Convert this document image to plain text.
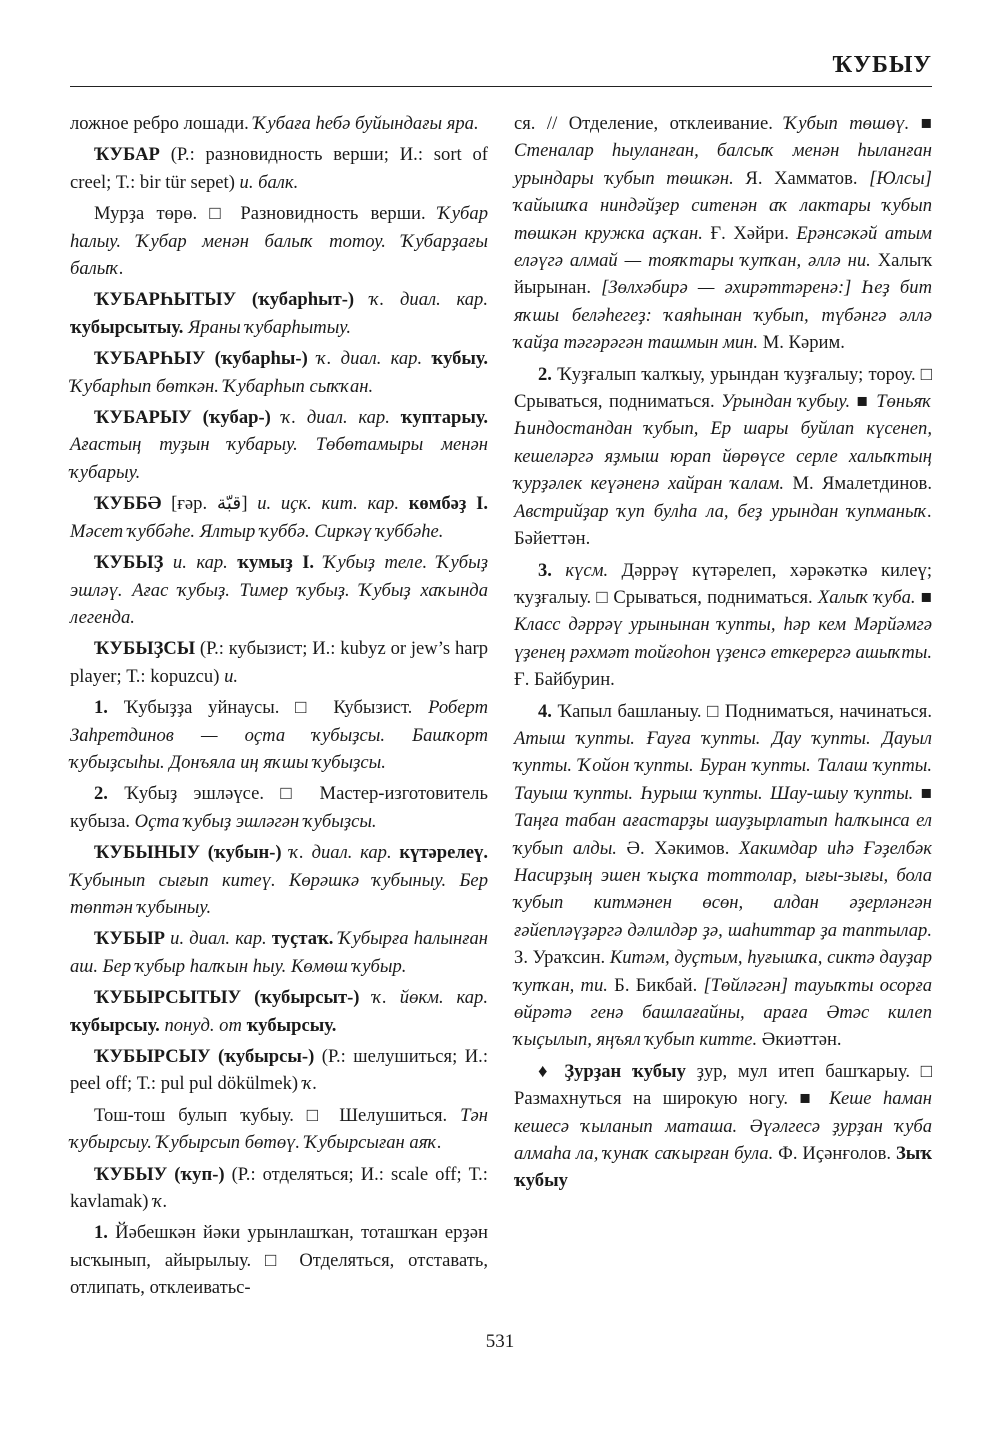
ҠУБЫУ

ложное ребро лошади. Ҡубаға һебә буйындағы яра.

ҠУБАР (Р.: разновидность верши; И.: sort of creel; Т.: bir tür sepet) и. балк.

Мурҙа төрө. □ Разновидность верши. Ҡубар һалыу. Ҡубар менән балыҡ тотоу. Ҡубарҙағы балыҡ.

ҠУБАРҺЫТЫУ (ҡубарһыт-) ҡ. диал. кар. ҡубырсытыу. Яраны ҡубарһытыу.

ҠУБАРҺЫУ (ҡубарһы-) ҡ. диал. кар. ҡубыу. Ҡубарһып бөткән. Ҡубарһып сыҡҡан.

ҠУБАРЫУ (ҡубар-) ҡ. диал. кар. ҡуптарыу. Ағастың туҙын ҡубарыу. Төбөтамыры менән ҡубарыу.

ҠУББӘ [ғәр. قبّة] и. иҫк. кит. кар. көмбәҙ I. Мәсет ҡуббәһе. Ялтыр ҡуббә. Сиркәү ҡуббәһе.

ҠУБЫҘ и. кар. ҡумыҙ I. Ҡубыҙ теле. Ҡубыҙ эшләү. Ағас ҡубыҙ. Тимер ҡубыҙ. Ҡубыҙ хаҡында легенда.

ҠУБЫҘСЫ (Р.: кубызист; И.: kubyz or jew’s harp player; Т.: kopuzcu) и.

1. Ҡубыҙҙа уйнаусы. □ Кубызист. Роберт Заһретдинов — оҫта ҡубыҙсы. Башҡорт ҡубыҙсыһы. Донъяла иң яҡшы ҡубыҙсы.

2. Ҡубыҙ эшләүсе. □ Мастер-изготовитель кубыза. Оҫта ҡубыҙ эшләгән ҡубыҙсы.

ҠУБЫНЫУ (ҡубын-) ҡ. диал. кар. күтәрелеү. Ҡубынып сығып китеү. Көрәшкә ҡубыныу. Бер төптән ҡубыныу.

ҠУБЫР и. диал. кар. туҫтаҡ. Ҡубырға һалынған аш. Бер ҡубыр һалҡын һыу. Көмөш ҡубыр.

ҠУБЫРСЫТЫУ (ҡубырсыт-) ҡ. йөкм. кар. ҡубырсыу. понуд. от ҡубырсыу.

ҠУБЫРСЫУ (ҡубырсы-) (Р.: шелушиться; И.: peel off; Т.: pul pul dökülmek) ҡ.

Тош-тош булып ҡубыу. □ Шелушиться. Тән ҡубырсыу. Ҡубырсып бөтөү. Ҡубырсыған аяҡ.

ҠУБЫУ (ҡуп-) (Р.: отделяться; И.: scale off; Т.: kavlamak) ҡ.

1. Йәбешкән йәки урынлашҡан, тоташҡан ерҙән ысҡынып, айырылыу. □ Отделяться, отставать, отлипать, отклеиватьс-

ся. // Отделение, отклеивание. Ҡубып төшөү. ■ Стеналар һыуланған, балсыҡ менән һыланған урындары ҡубып төшкән. Я. Хамматов. [Юлсы] ҡайышҡа ниндәйҙер ситенән аҡ лактары ҡубып төшкән кружка аҫҡан. Ғ. Хәйри. Ерәнсәкәй атым еләүгә алмай — тояҡтары ҡупҡан, әллә ни. Халыҡ йырынан. [Зөлхәбирә — әхирәттәренә:] Һеҙ бит яҡшы беләһегеҙ: ҡаяһынан ҡубып, түбәнгә әллә ҡайҙа тәгәрәгән ташмын мин. М. Кәрим.

2. Ҡуҙғалып ҡалҡыу, урындан ҡуҙғалыу; тороу. □ Срываться, подниматься. Урындан ҡубыу. ■ Төньяҡ Һиндостандан ҡубып, Ер шары буйлап күсенеп, кешеләргә яҙмыш юрап йөрөүсе серле халыҡтың ҡурҙәлек кеүәненә хайран ҡалам. М. Ямалетдинов. Австрийҙар ҡуп булһа ла, беҙ урындан ҡупманыҡ. Бәйеттән.

3. күсм. Дәррәү күтәрелеп, хәрәкәткә килеү; ҡуҙғалыу. □ Срываться, подниматься. Халыҡ ҡуба. ■ Класс дәррәү урынынан ҡупты, һәр кем Мәрйәмгә үҙенең рәхмәт тойғоһон үҙенсә еткерергә ашыҡты. Ғ. Байбурин.

4. Ҡапыл башланыу. □ Подниматься, начинаться. Атыш ҡупты. Ғауға ҡупты. Дау ҡупты. Дауыл ҡупты. Ҡойон ҡупты. Буран ҡупты. Талаш ҡупты. Тауыш ҡупты. Һурыш ҡупты. Шау-шыу ҡупты. ■ Таңға табан ағастарҙы шауҙырлатып һалҡынса ел ҡубып алды. Ә. Хәкимов. Хакимдар иһә Ғәҙелбәк Насирҙың эшен ҡыҫҡа тоттолар, ығы-зығы, бола ҡубып китмәнен өсөн, алдан әҙерләнгән ғәйепләүҙәргә дәлилдәр ҙә, шаһиттар ҙа таптылар. З. Ураҡсин. Китәм, дуҫтым, һуғышҡа, сиктә дауҙар ҡупҡан, ти. Б. Бикбай. [Төйләгән] тауыҡты осорға өйрәтә генә башлағайны, араға Әтәс килеп ҡыҫылып, яңъял ҡубып китте. Әкиәттән.

♦ Ҙурҙан ҡубыу ҙур, мул итеп башҡарыу. □ Размахнуться на широкую ногу. ■ Кеше һаман кешесә ҡыланып маташа. Әүәлгесә ҙурҙан ҡуба алмаһа ла, ҡунаҡ саҡырған була. Ф. Иҫәнғолов. Зыҡ ҡубыу

531
